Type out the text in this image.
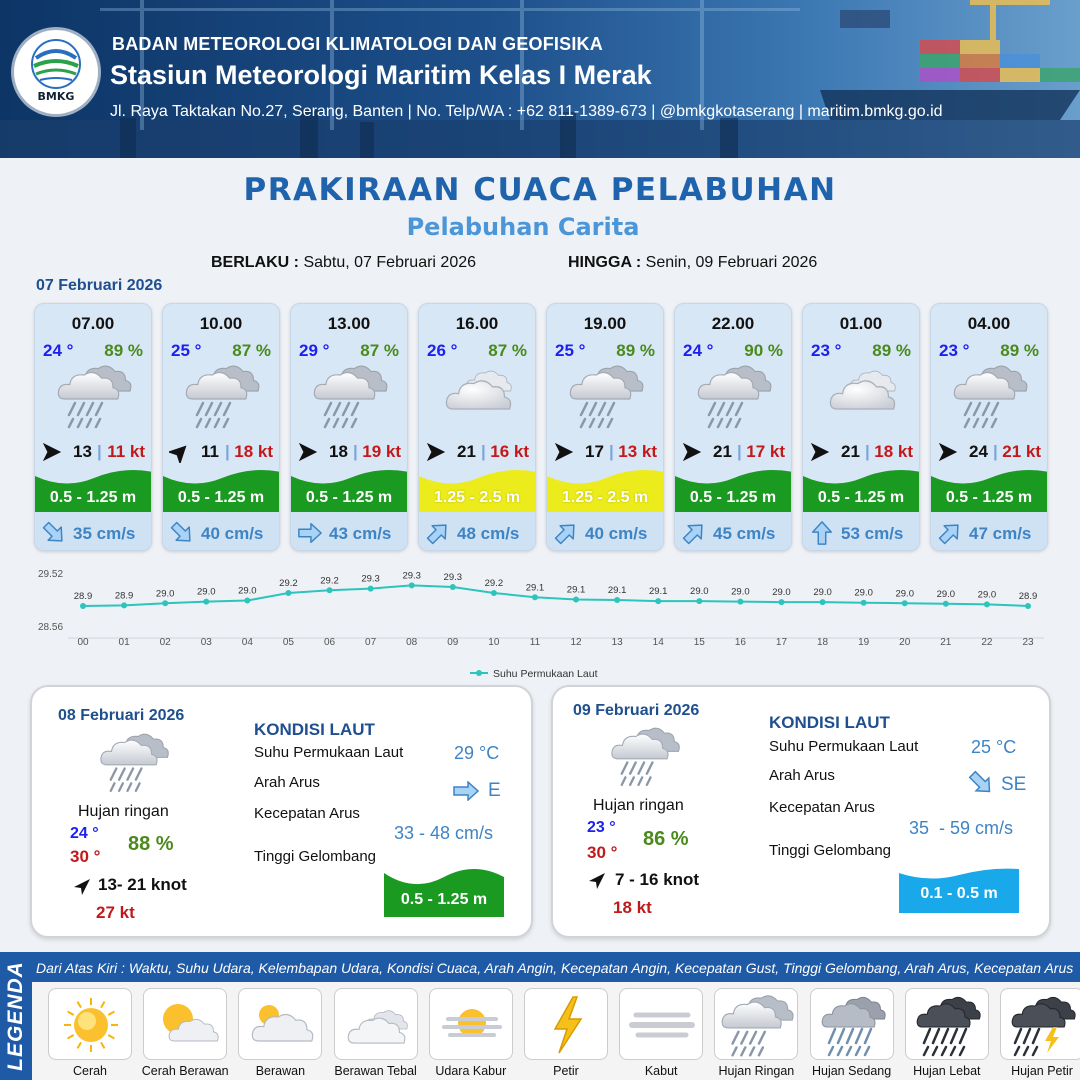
BMKG
BADAN METEOROLOGI KLIMATOLOGI DAN GEOFISIKA
Stasiun Meteorologi Maritim Kelas I Merak
Jl. Raya Taktakan No.27, Serang, Banten | No. Telp/WA : +62 811-1389-673 | @bmkgkotaserang | maritim.bmkg.go.id
PRAKIRAAN CUACA PELABUHAN
Pelabuhan Carita
BERLAKU : Sabtu, 07 Februari 2026	HINGGA : Senin, 09 Februari 2026
07 Februari 2026
07.00
24 ° 89 %
13 | 11 kt
0.5 - 1.25 m
35 cm/s
10.00
25 ° 87 %
11 | 18 kt
0.5 - 1.25 m
40 cm/s
13.00
29 ° 87 %
18 | 19 kt
0.5 - 1.25 m
43 cm/s
16.00
26 ° 87 %
21 | 16 kt
1.25 - 2.5 m
48 cm/s
19.00
25 ° 89 %
17 | 13 kt
1.25 - 2.5 m
40 cm/s
22.00
24 ° 90 %
21 | 17 kt
0.5 - 1.25 m
45 cm/s
01.00
23 ° 89 %
21 | 18 kt
0.5 - 1.25 m
53 cm/s
04.00
23 ° 89 %
24 | 21 kt
0.5 - 1.25 m
47 cm/s
29.52
28.56
28.9
00
28.9
01
29.0
02
29.0
03
29.0
04
29.2
05
29.2
06
29.3
07
29.3
08
29.3
09
29.2
10
29.1
11
29.1
12
29.1
13
29.1
14
29.0
15
29.0
16
29.0
17
29.0
18
29.0
19
29.0
20
29.0
21
29.0
22
28.9
23
Suhu Permukaan Laut
08 Februari 2026
Hujan ringan
24 °
30 °
88 %
13- 21 knot
27 kt
KONDISI LAUT
Suhu Permukaan Laut	29 °C
Arah Arus	E
Kecepatan Arus
33 - 48 cm/s
Tinggi Gelombang
0.5 - 1.25 m
09 Februari 2026
Hujan ringan
23 °
30 °
86 %
7 - 16 knot
18 kt
KONDISI LAUT
Suhu Permukaan Laut	25 °C
Arah Arus	SE
Kecepatan Arus
35  - 59 cm/s
Tinggi Gelombang
0.1 - 0.5 m
LEGENDA Dari Atas Kiri : Waktu, Suhu Udara, Kelembapan Udara, Kondisi Cuaca, Arah Angin, Kecepatan Angin, Kecepatan Gust, Tinggi Gelombang, Arah Arus, Kecepatan Arus
Cerah	Cerah Berawan	Berawan	Berawan Tebal	Udara Kabur	Petir	Kabut	Hujan Ringan	Hujan Sedang	Hujan Lebat	Hujan Petir
